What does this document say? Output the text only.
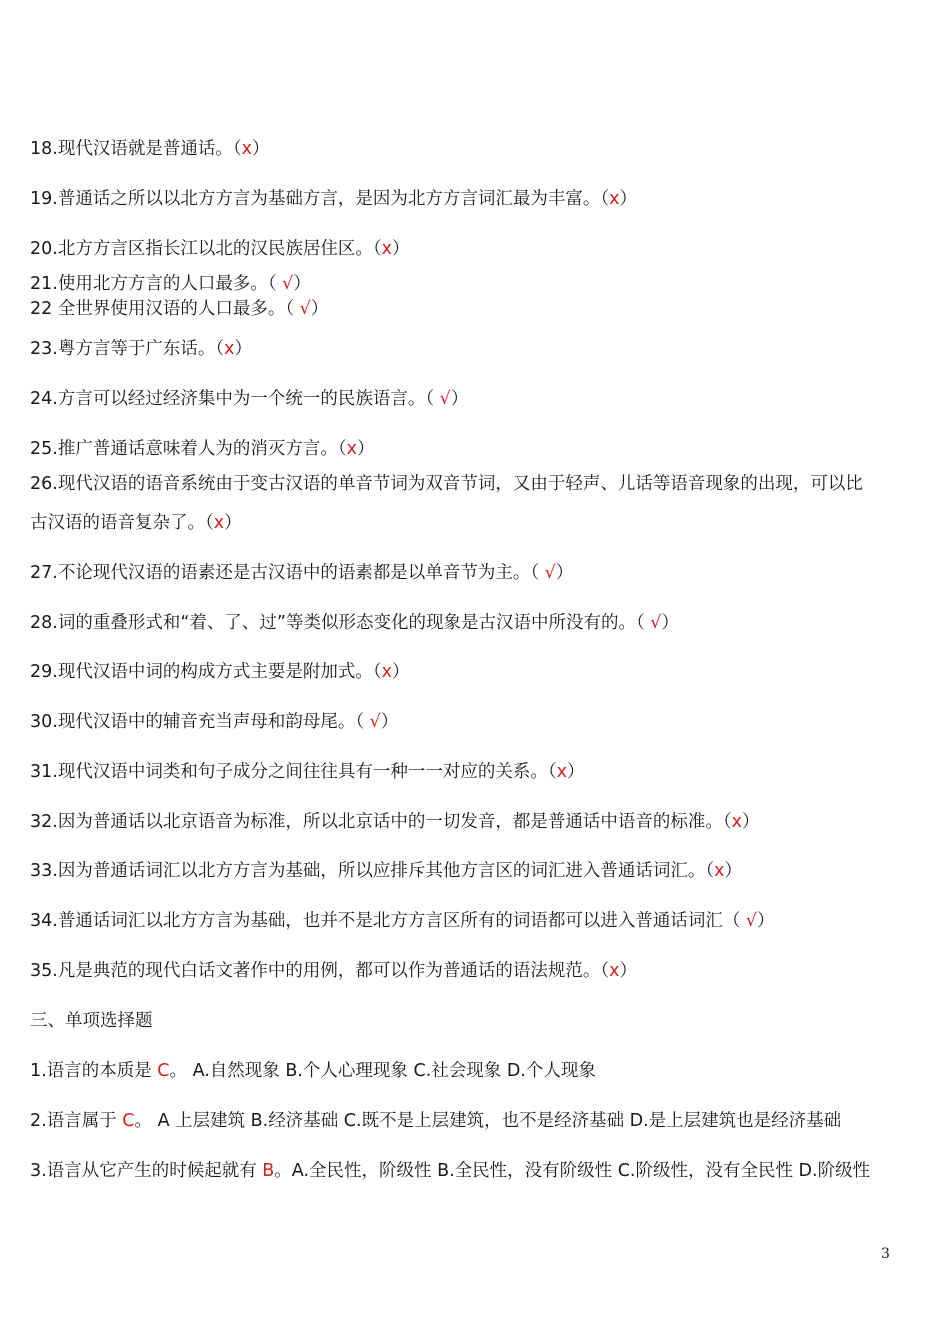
18.现代汉语就是普通话。（x）
19.普通话之所以以北方方言为基础方言，是因为北方方言词汇最为丰富。（x）
20.北方方言区指长江以北的汉民族居住区。（x）
21.使用北方方言的人口最多。（ √）
22 全世界使用汉语的人口最多。（ √）
23.粤方言等于广东话。（x）
24.方言可以经过经济集中为一个统一的民族语言。（ √）
25.推广普通话意味着人为的消灭方言。（x）
26.现代汉语的语音系统由于变古汉语的单音节词为双音节词，又由于轻声、儿话等语音现象的出现，可以比
古汉语的语音复杂了。（x）
27.不论现代汉语的语素还是古汉语中的语素都是以单音节为主。（ √）
28.词的重叠形式和“着、了、过”等类似形态变化的现象是古汉语中所没有的。（ √）
29.现代汉语中词的构成方式主要是附加式。（x）
30.现代汉语中的辅音充当声母和韵母尾。（ √）
31.现代汉语中词类和句子成分之间往往具有一种一一对应的关系。（x）
32.因为普通话以北京语音为标准，所以北京话中的一切发音，都是普通话中语音的标准。（x）
33.因为普通话词汇以北方方言为基础，所以应排斥其他方言区的词汇进入普通话词汇。（x）
34.普通话词汇以北方方言为基础，也并不是北方方言区所有的词语都可以进入普通话词汇（ √）
35.凡是典范的现代白话文著作中的用例，都可以作为普通话的语法规范。（x）
三、单项选择题
1.语言的本质是 C。 A.自然现象 B.个人心理现象 C.社会现象 D.个人现象
2.语言属于 C。 A 上层建筑 B.经济基础 C.既不是上层建筑，也不是经济基础 D.是上层建筑也是经济基础
3.语言从它产生的时候起就有 B。A.全民性，阶级性 B.全民性，没有阶级性 C.阶级性，没有全民性 D.阶级性
3
